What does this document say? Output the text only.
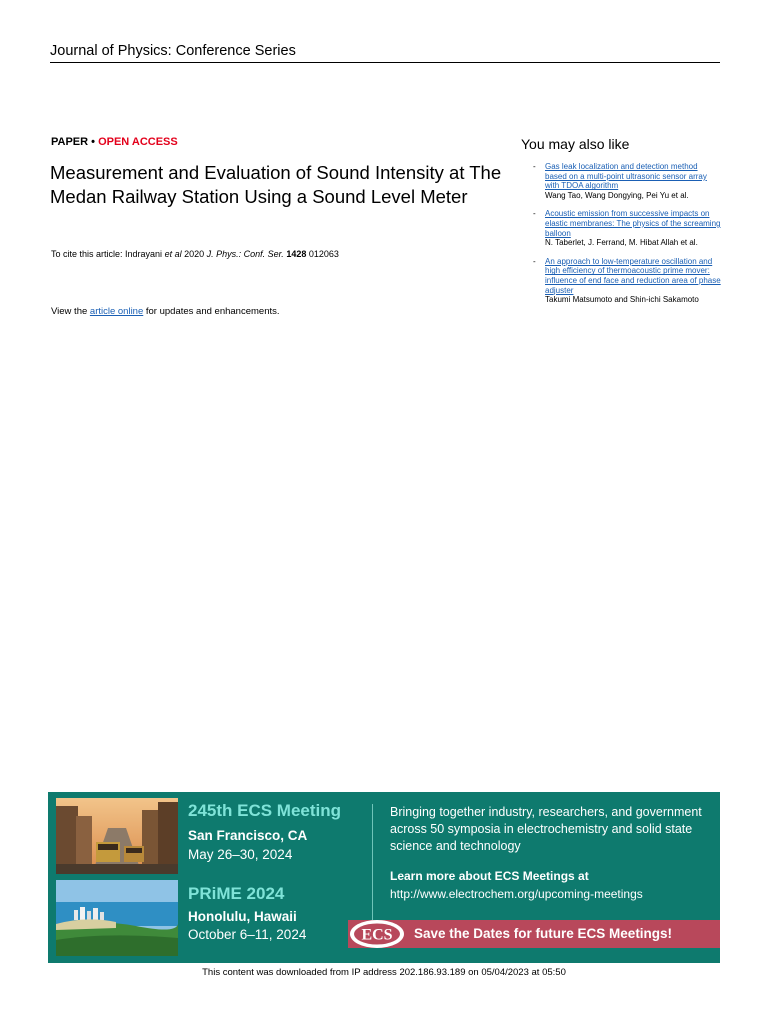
Journal of Physics: Conference Series
PAPER • OPEN ACCESS
Measurement and Evaluation of Sound Intensity at The Medan Railway Station Using a Sound Level Meter
To cite this article: Indrayani et al 2020 J. Phys.: Conf. Ser. 1428 012063
View the article online for updates and enhancements.
You may also like
-	Gas leak localization and detection method based on a multi-point ultrasonic sensor array with TDOA algorithm
Wang Tao, Wang Dongying, Pei Yu et al.
-	Acoustic emission from successive impacts on elastic membranes: The physics of the screaming balloon
N. Taberlet, J. Ferrand, M. Hibat Allah et al.
-	An approach to low-temperature oscillation and high efficiency of thermoacoustic prime mover: influence of end face and reduction area of phase adjuster
Takumi Matsumoto and Shin-ichi Sakamoto
245th ECS Meeting
San Francisco, CA
May 26–30, 2024
PRiME 2024
Honolulu, Hawaii
October 6–11, 2024
Bringing together industry, researchers, and government across 50 symposia in electrochemistry and solid state science and technology
Learn more about ECS Meetings at
http://www.electrochem.org/upcoming-meetings
Save the Dates for future ECS Meetings!
ECS
This content was downloaded from IP address 202.186.93.189 on 05/04/2023 at 05:50
